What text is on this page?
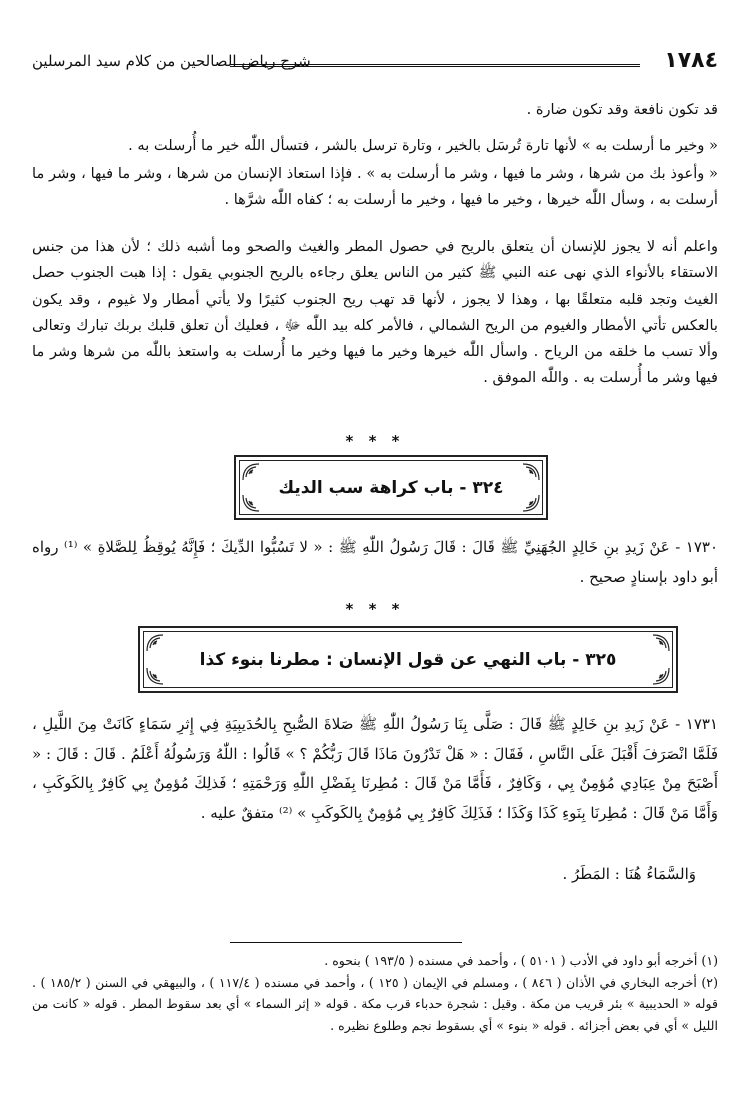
١٧٨٤
شرح رياض الصالحين من كلام سيد المرسلين
قد تكون نافعة وقد تكون ضارة .
« وخير ما أرسلت به » لأنها تارة تُرسَل بالخير ، وتارة ترسل بالشر ، فتسأل اللّٰه خير ما أُرسلت به .
« وأعوذ بك من شرها ، وشر ما فيها ، وشر ما أرسلت به » . فإذا استعاذ الإنسان من شرها ، وشر ما فيها ، وشر ما أرسلت به ، وسأل اللّٰه خيرها ، وخير ما فيها ، وخير ما أرسلت به ؛ كفاه اللّٰه شرَّها .
واعلم أنه لا يجوز للإنسان أن يتعلق بالريح في حصول المطر والغيث والصحو وما أشبه ذلك ؛ لأن هذا من جنس الاستقاء بالأنواء الذي نهى عنه النبي ﷺ كثير من الناس يعلق رجاءه بالريح الجنوبي يقول : إذا هبت الجنوب حصل الغيث وتجد قلبه متعلقًا بها ، وهذا لا يجوز ، لأنها قد تهب ريح الجنوب كثيرًا ولا يأتي أمطار ولا غيوم ، وقد يكون بالعكس تأتي الأمطار والغيوم من الريح الشمالي ، فالأمر كله بيد اللّٰه ﷻ ، فعليك أن تعلق قلبك بربك تبارك وتعالى وألا تسب ما خلقه من الرياح . واسأل اللّٰه خيرها وخير ما فيها وخير ما أُرسلت به واستعذ باللّٰه من شرها وشر ما فيها وشر ما أُرسلت به . واللّٰه الموفق .
* * *
٣٢٤ - باب كراهة سب الديك
١٧٣٠ - عَنْ زَيدِ بنِ خَالِدٍ الجُهَنِيِّ ﷺ قَالَ : قَالَ رَسُولُ اللّٰهِ ﷺ : « لا تَسُبُّوا الدِّيكَ ؛ فَإِنَّهُ يُوقِظُ لِلصَّلاةِ » ⁽¹⁾ رواه أبو داود بإسنادٍ صحيح .
* * *
٣٢٥ - باب النهي عن قول الإنسان : مطرنا بنوء كذا
١٧٣١ - عَنْ زَيدِ بنِ خَالِدٍ ﷺ قَالَ : صَلَّى بِنَا رَسُولُ اللّٰهِ ﷺ صَلاةَ الصُّبحِ بِالحُدَيبِيَةِ فِي إِثرِ سَمَاءٍ كَانَتْ مِنَ اللَّيلِ ، فَلَمَّا انْصَرَفَ أَقْبَلَ عَلَى النَّاسِ ، فَقَالَ : « هَلْ تَدْرُونَ مَاذَا قَالَ رَبُّكُمْ ؟ » قَالُوا : اللّٰهُ وَرَسُولُهُ أَعْلَمُ . قَالَ : قَالَ : « أَصْبَحَ مِنْ عِبَادِي مُؤمِنٌ بِي ، وَكَافِرٌ ، فَأَمَّا مَنْ قَالَ : مُطِرنَا بِفَضْلِ اللّٰهِ وَرَحْمَتِهِ ؛ فَذلِكَ مُؤمِنٌ بِي كَافِرٌ بِالكَوكَبِ ، وَأَمَّا مَنْ قَالَ : مُطِرنَا بِنَوءِ كَذَا وَكَذَا ؛ فَذَلِكَ كَافِرٌ بِي مُؤمِنٌ بِالكَوكَبِ » ⁽²⁾ متفقٌ عليه .
وَالسَّمَاءُ هُنَا : المَطَرُ .
(١) أخرجه أبو داود في الأدب ( ٥١٠١ ) ، وأحمد في مسنده ( ١٩٣/٥ ) بنحوه .
(٢) أخرجه البخاري في الأذان ( ٨٤٦ ) ، ومسلم في الإيمان ( ١٢٥ ) ، وأحمد في مسنده ( ١١٧/٤ ) ، والبيهقي في السنن ( ١٨٥/٢ ) . قوله « الحديبية » بئر قريب من مكة . وقيل : شجرة حدباء قرب مكة . قوله « إثر السماء » أي بعد سقوط المطر . قوله « كانت من الليل » أي في بعض أجزائه . قوله « بنوء » أي بسقوط نجم وطلوع نظيره .
